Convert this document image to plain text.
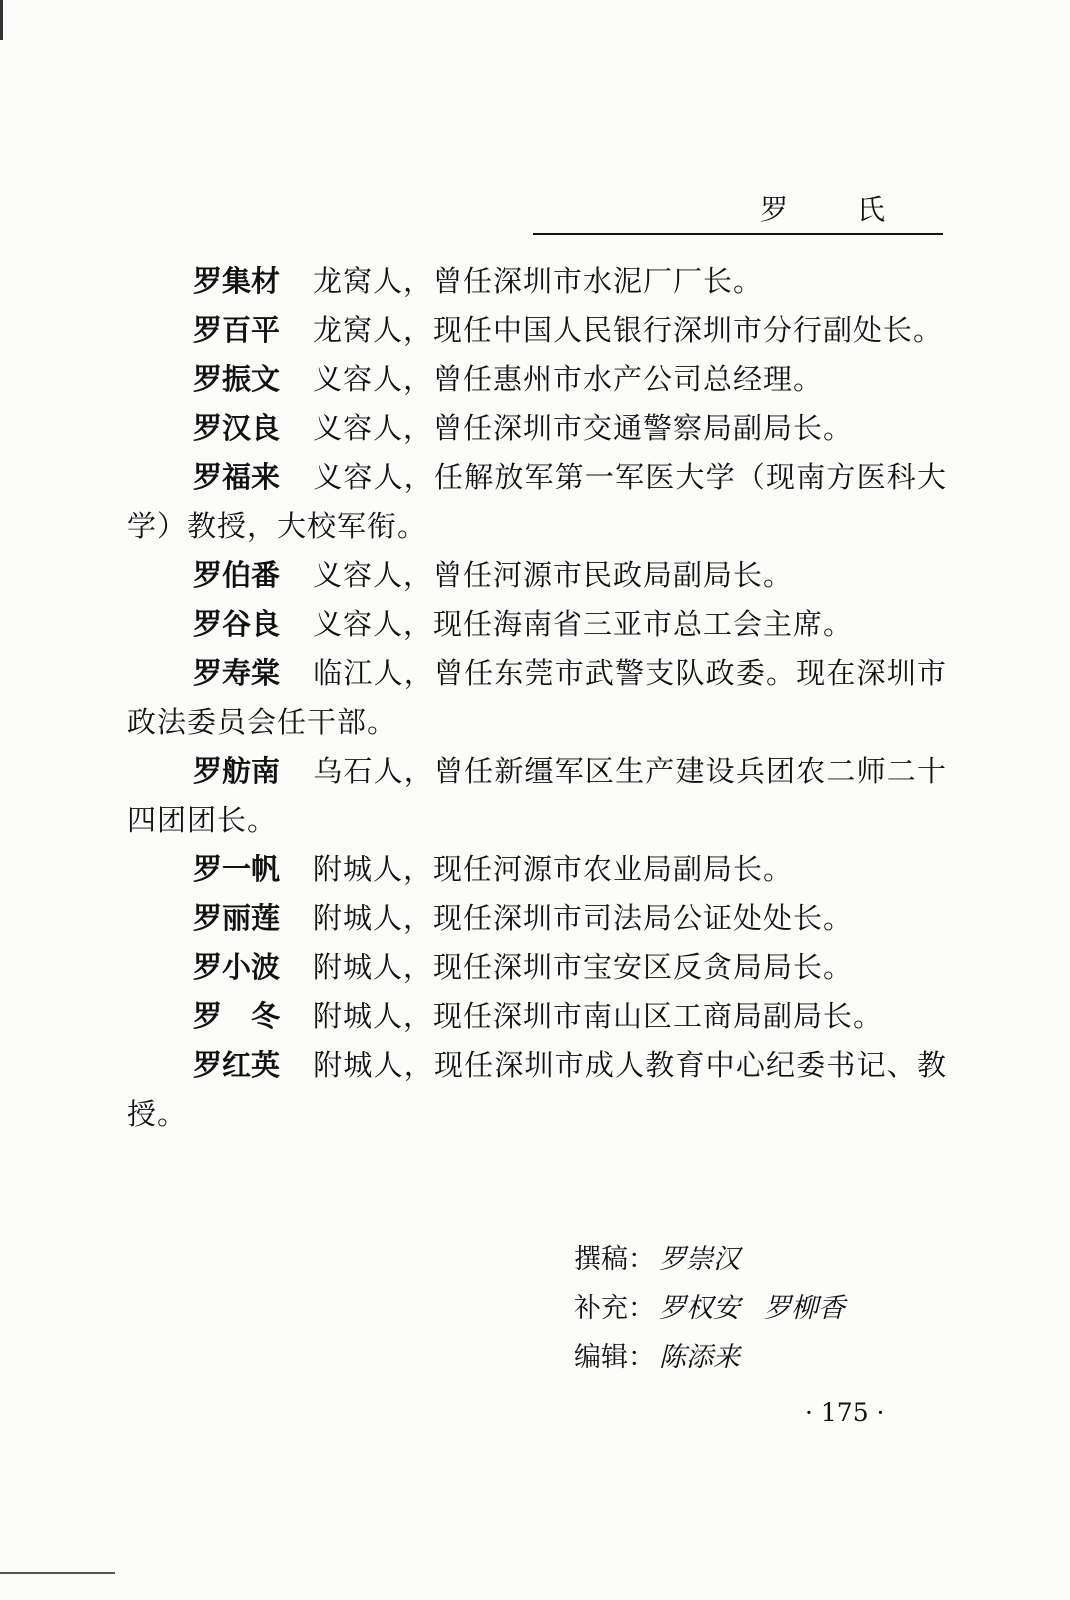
罗 氏

罗集材 龙窝人，曾任深圳市水泥厂厂长。

罗百平 龙窝人，现任中国人民银行深圳市分行副处长。

罗振文 义容人，曾任惠州市水产公司总经理。

罗汉良 义容人，曾任深圳市交通警察局副局长。

罗福来 义容人，任解放军第一军医大学（现南方医科大学）教授，大校军衔。

罗伯番 义容人，曾任河源市民政局副局长。

罗谷良 义容人，现任海南省三亚市总工会主席。

罗寿棠 临江人，曾任东莞市武警支队政委。现在深圳市政法委员会任干部。

罗舫南 乌石人，曾任新缰军区生产建设兵团农二师二十四团团长。

罗一帆 附城人，现任河源市农业局副局长。

罗丽莲 附城人，现任深圳市司法局公证处处长。

罗小波 附城人，现任深圳市宝安区反贪局局长。

罗　冬 附城人，现任深圳市南山区工商局副局长。

罗红英 附城人，现任深圳市成人教育中心纪委书记、教授。

撰稿： 罗崇汉

补充： 罗权安 罗柳香

编辑： 陈添来

· 175 ·
